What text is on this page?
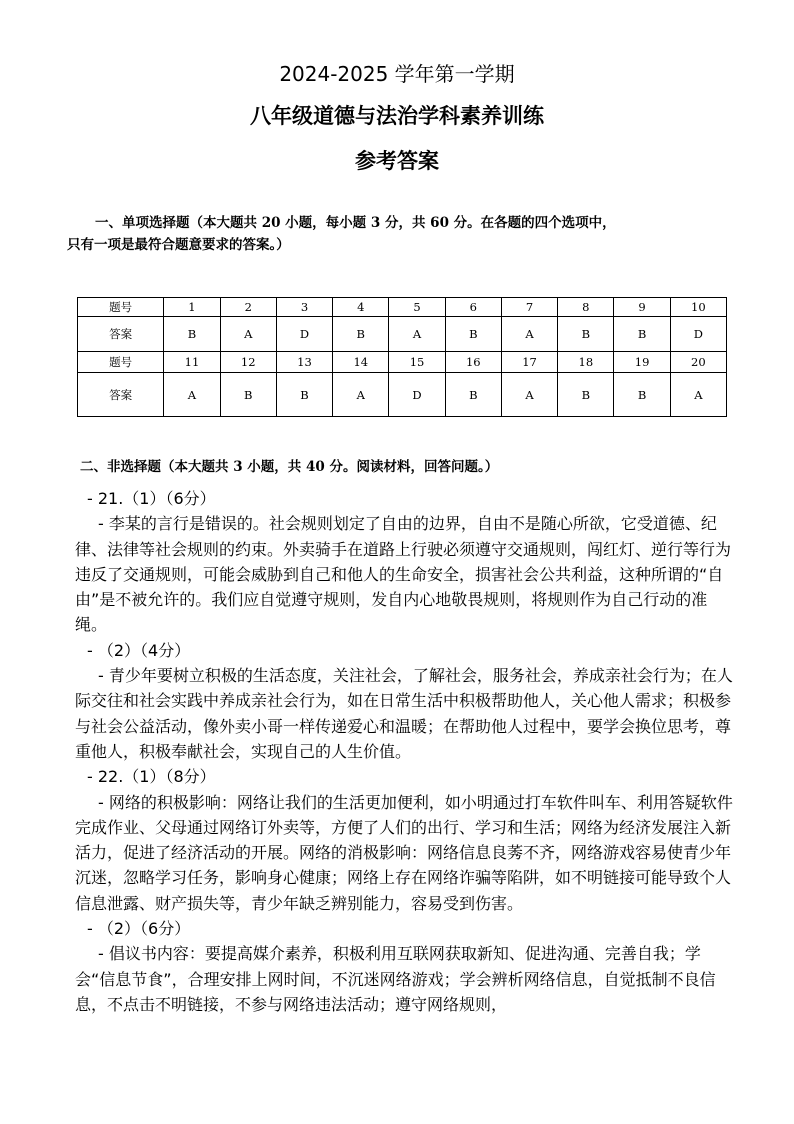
2024-2025 学年第一学期
八年级道德与法治学科素养训练
参考答案
一、单项选择题（本大题共 20 小题，每小题 3 分，共 60 分。在各题的四个选项中，
只有一项是最符合题意要求的答案。）
题号	1	2	3	4	5	6	7	8	9	10
答案	B	A	D	B	A	B	A	B	B	D
题号	11	12	13	14	15	16	17	18	19	20
答案	A	B	B	A	D	B	A	B	B	A
二、非选择题（本大题共 3 小题，共 40 分。阅读材料，回答问题。）

- 21.（1）（6分）

- 李某的言行是错误的。社会规则划定了自由的边界，自由不是随心所欲，它受道德、纪律、法律等社会规则的约束。外卖骑手在道路上行驶必须遵守交通规则，闯红灯、逆行等行为违反了交通规则，可能会威胁到自己和他人的生命安全，损害社会公共利益，这种所谓的“自由”是不被允许的。我们应自觉遵守规则，发自内心地敬畏规则，将规则作为自己行动的准绳。

- （2）（4分）

- 青少年要树立积极的生活态度，关注社会，了解社会，服务社会，养成亲社会行为；在人际交往和社会实践中养成亲社会行为，如在日常生活中积极帮助他人，关心他人需求；积极参与社会公益活动，像外卖小哥一样传递爱心和温暖；在帮助他人过程中，要学会换位思考，尊重他人，积极奉献社会，实现自己的人生价值。

- 22.（1）（8分）

- 网络的积极影响：网络让我们的生活更加便利，如小明通过打车软件叫车、利用答疑软件完成作业、父母通过网络订外卖等，方便了人们的出行、学习和生活；网络为经济发展注入新活力，促进了经济活动的开展。网络的消极影响：网络信息良莠不齐，网络游戏容易使青少年沉迷，忽略学习任务，影响身心健康；网络上存在网络诈骗等陷阱，如不明链接可能导致个人信息泄露、财产损失等，青少年缺乏辨别能力，容易受到伤害。

- （2）（6分）

- 倡议书内容：要提高媒介素养，积极利用互联网获取新知、促进沟通、完善自我；学会“信息节食”，合理安排上网时间，不沉迷网络游戏；学会辨析网络信息，自觉抵制不良信息，不点击不明链接，不参与网络违法活动；遵守网络规则，
